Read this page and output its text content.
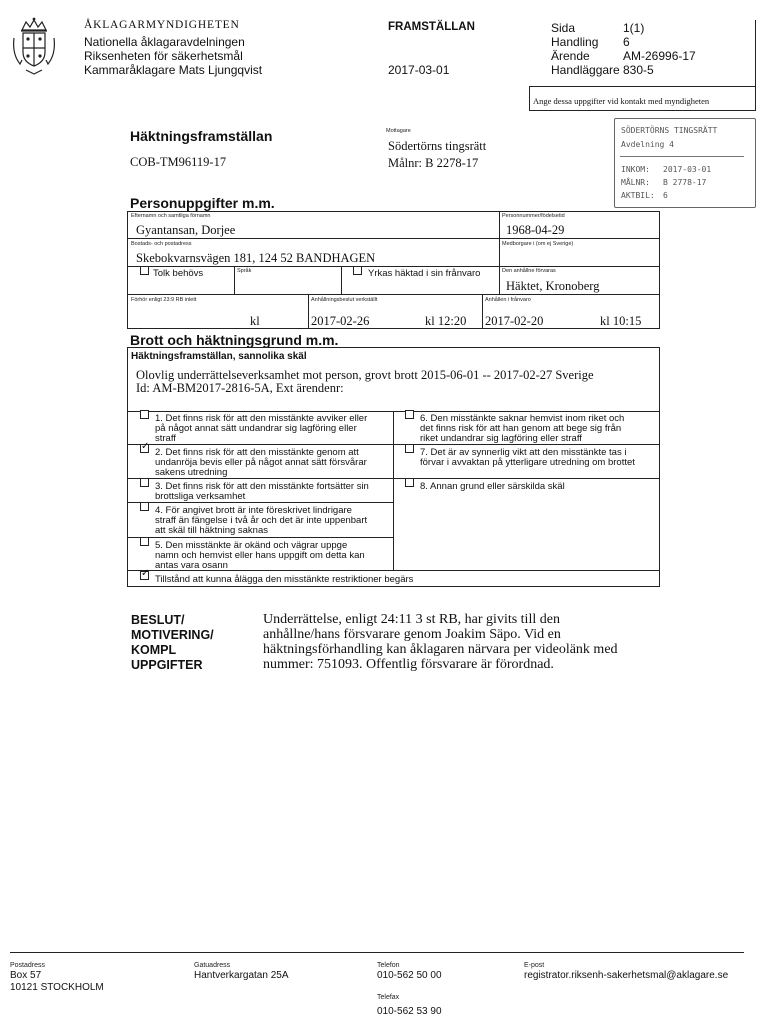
ÅKLAGARMYNDIGHETEN
Nationella åklagaravdelningen
Riksenheten för säkerhetsmål
Kammaråklagare Mats Ljungqvist
FRAMSTÄLLAN
2017-03-01
Sida	1(1)
Handling 6
Ärende	AM-26996-17
Handläggare 830-5
Ange dessa uppgifter vid kontakt med myndigheten
Häktningsframställan
COB-TM96119-17
Mottagare
Södertörns tingsrätt
Målnr: B 2278-17
SÖDERTÖRNS TINGSRÄTT
Avdelning 4
INKOM: 2017-03-01
MÅLNR: B 2778-17
AKTBIL: 6
Personuppgifter m.m.
Efternamn och samtliga förnamn
Gyantansan, Dorjee
Personnummer/födelsetid
1968-04-29
Bostads- och postadress
Skebokvarnsvägen 181, 124 52 BANDHAGEN
Medborgare i (om ej Sverige)
Tolk behövs	Språk	Yrkas häktad i sin frånvaro	Den anhållne förvaras
Häktet, Kronoberg
Förhör enligt 23:9 RB inlett
kl
Anhållningsbeslut verkställt
2017-02-26	kl 12:20
Anhållen i frånvaro
2017-02-20	kl 10:15
Brott och häktningsgrund m.m.
Häktningsframställan, sannolika skäl
Olovlig underrättelseverksamhet mot person, grovt brott 2015-06-01 -- 2017-02-27 Sverige
Id: AM-BM2017-2816-5A, Ext ärendenr:
1. Det finns risk för att den misstänkte avviker eller
på något annat sätt undandrar sig lagföring eller
straff
✓
2. Det finns risk för att den misstänkte genom att
undanröja bevis eller på något annat sätt försvårar
sakens utredning
3. Det finns risk för att den misstänkte fortsätter sin
brottsliga verksamhet
4. För angivet brott är inte föreskrivet lindrigare
straff än fängelse i två år och det är inte uppenbart
att skäl till häktning saknas
5. Den misstänkte är okänd och vägrar uppge
namn och hemvist eller hans uppgift om detta kan
antas vara osann
6. Den misstänkte saknar hemvist inom riket och
det finns risk för att han genom att bege sig från
riket undandrar sig lagföring eller straff
7. Det är av synnerlig vikt att den misstänkte tas i
förvar i avvaktan på ytterligare utredning om brottet
8. Annan grund eller särskilda skäl
✓
Tillstånd att kunna ålägga den misstänkte restriktioner begärs
BESLUT/
MOTIVERING/
KOMPL
UPPGIFTER
Underrättelse, enligt 24:11 3 st RB, har givits till den
anhållne/hans försvarare genom Joakim Säpo. Vid en
häktningsförhandling kan åklagaren närvara per videolänk med
nummer: 751093. Offentlig försvarare är förordnad.
Postadress
Box 57
10121 STOCKHOLM
Gatuadress
Hantverkargatan 25A
Telefon
010-562 50 00
Telefax
010-562 53 90
E-post
registrator.riksenh-sakerhetsmal@aklagare.se
